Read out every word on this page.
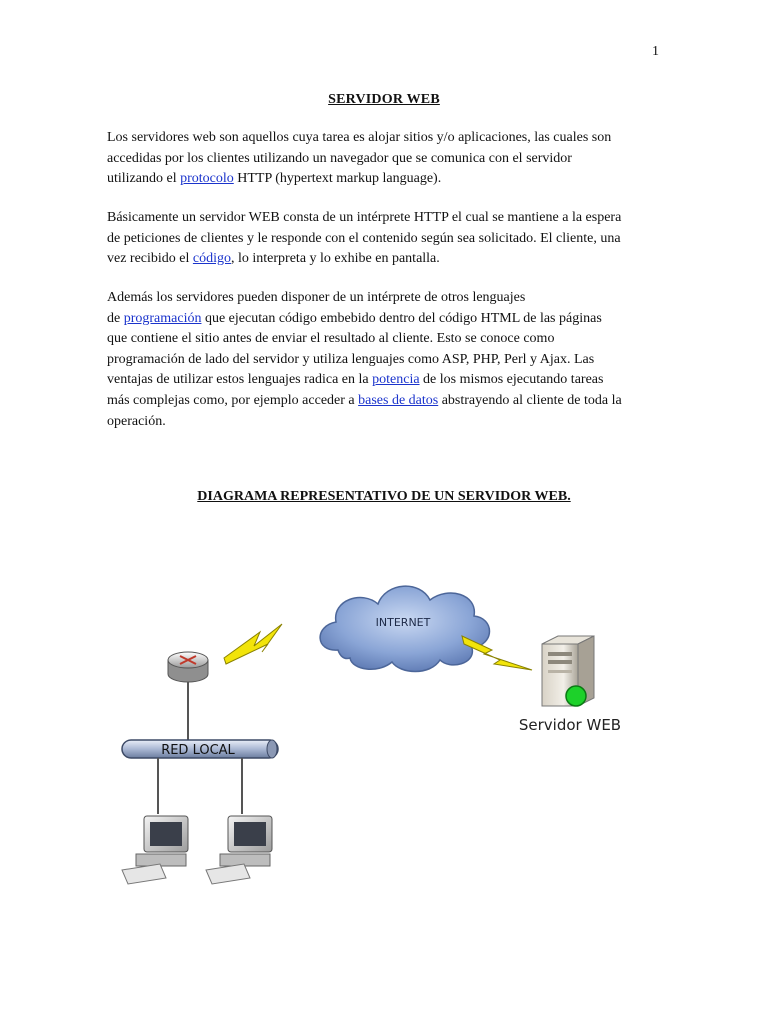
1
SERVIDOR WEB

Los servidores web son aquellos cuya tarea es alojar sitios y/o aplicaciones, las cuales son
accedidas por los clientes utilizando un navegador que se comunica con el servidor
utilizando el protocolo HTTP (hypertext markup language).

Básicamente un servidor WEB consta de un intérprete HTTP el cual se mantiene a la espera
de peticiones de clientes y le responde con el contenido según sea solicitado. El cliente, una
vez recibido el código, lo interpreta y lo exhibe en pantalla.

Además los servidores pueden disponer de un intérprete de otros lenguajes
de programación que ejecutan código embebido dentro del código HTML de las páginas
que contiene el sitio antes de enviar el resultado al cliente. Esto se conoce como
programación de lado del servidor y utiliza lenguajes como ASP, PHP, Perl y Ajax. Las
ventajas de utilizar estos lenguajes radica en la potencia de los mismos ejecutando tareas
más complejas como, por ejemplo acceder a bases de datos abstrayendo al cliente de toda la
operación.

DIAGRAMA REPRESENTATIVO DE UN SERVIDOR WEB.
INTERNET
RED LOCAL
Servidor WEB
